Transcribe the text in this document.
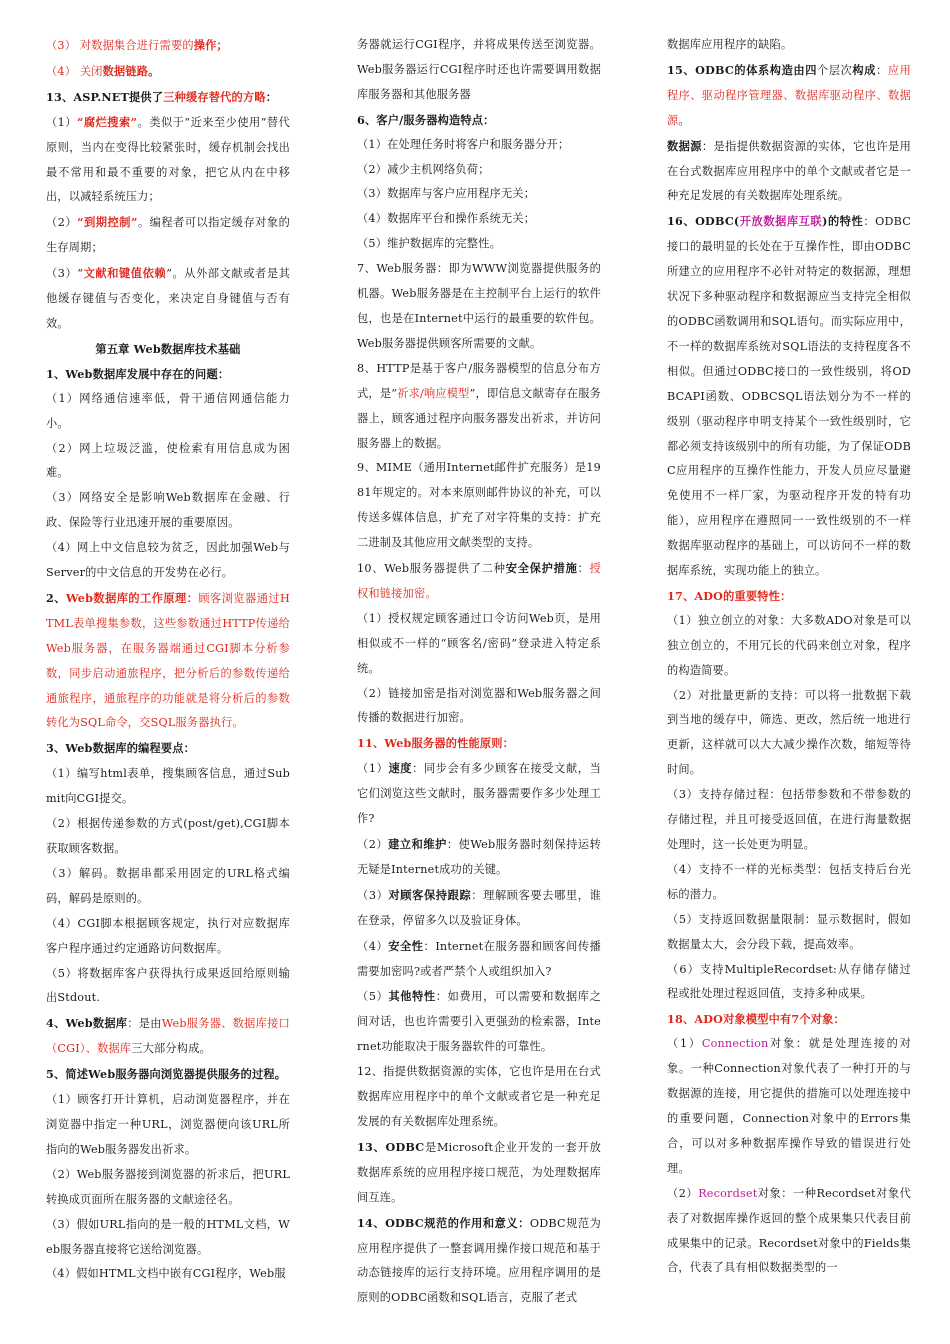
（3） 对数据集合进行需要的操作；

（4） 关闭数据链路。

13、ASP.NET提供了三种缓存替代的方略：

（1）“腐烂搜索”。类似于“近来至少使用”替代原则，当内在变得比较紧张时，缓存机制会找出最不常用和最不重要的对象，把它从内在中移出，以减轻系统压力；

（2）“到期控制”。编程者可以指定缓存对象的生存周期；

（3）“文献和键值依赖”。从外部文献或者是其他缓存键值与否变化，来决定自身键值与否有效。

第五章 Web数据库技术基础

1、Web数据库发展中存在的问题：

（1）网络通信速率低，骨干通信网通信能力小。

（2）网上垃圾泛滥，使检索有用信息成为困难。

（3）网络安全是影响Web数据库在金融、行政、保险等行业迅速开展的重要原因。

（4）网上中文信息较为贫乏，因此加强Web与Server的中文信息的开发势在必行。

2、Web数据库的工作原理：顾客浏览器通过HTML表单搜集参数，这些参数通过HTTP传递给Web服务器，在服务器端通过CGI脚本分析参数，同步启动通旅程序，把分析后的参数传递给通旅程序，通旅程序的功能就是将分析后的参数转化为SQL命令，交SQL服务器执行。

3、Web数据库的编程要点：

（1）编写html表单，搜集顾客信息，通过Submit向CGI提交。

（2）根据传递参数的方式(post/get),CGI脚本获取顾客数据。

（3）解码。数据串都采用固定的URL格式编码，解码是原则的。

（4）CGI脚本根据顾客规定，执行对应数据库客户程序通过约定通路访问数据库。

（5）将数据库客户获得执行成果返回给原则输出Stdout.

4、Web数据库：是由Web服务器、数据库接口（CGI）、数据库三大部分构成。

5、简述Web服务器向浏览器提供服务的过程。

（1）顾客打开计算机，启动浏览器程序，并在浏览器中指定一种URL，浏览器便向该URL所指向的Web服务器发出祈求。

（2）Web服务器接到浏览器的祈求后，把URL转换成页面所在服务器的文献途径名。

（3）假如URL指向的是一般的HTML文档，Web服务器直接将它送给浏览器。

（4）假如HTML文档中嵌有CGI程序，Web服

务器就运行CGI程序，并将成果传送至浏览器。Web服务器运行CGI程序时还也许需要调用数据库服务器和其他服务器

6、客户/服务器构造特点：

（1）在处理任务时将客户和服务器分开；

（2）减少主机网络负荷；

（3）数据库与客户应用程序无关；

（4）数据库平台和操作系统无关；

（5）维护数据库的完整性。

7、Web服务器：即为WWW浏览器提供服务的机器。Web服务器是在主控制平台上运行的软件包，也是在Internet中运行的最重要的软件包。Web服务器提供顾客所需要的文献。

8、HTTP是基于客户/服务器模型的信息分布方式，是“祈求/响应模型”，即信息文献寄存在服务器上，顾客通过程序向服务器发出祈求，并访问服务器上的数据。

9、MIME（通用Internet邮件扩充服务）是1981年规定的。对本来原则邮件协议的补充，可以传送多媒体信息，扩充了对字符集的支持：扩充二进制及其他应用文献类型的支持。

10、Web服务器提供了二种安全保护措施：授权和链接加密。

（1）授权规定顾客通过口令访问Web页，是用相似或不一样的“顾客名/密码”登录进入特定系统。

（2）链接加密是指对浏览器和Web服务器之间传播的数据进行加密。

11、Web服务器的性能原则：

（1）速度：同步会有多少顾客在接受文献，当它们浏览这些文献时，服务器需要作多少处理工作?

（2）建立和维护：使Web服务器时刻保持运转无疑是Internet成功的关键。

（3）对顾客保持跟踪：理解顾客要去哪里，谁在登录，停留多久以及验证身体。

（4）安全性：Internet在服务器和顾客间传播需要加密吗?或者严禁个人或组织加入?

（5）其他特性：如费用，可以需要和数据库之间对话，也也许需要引入更强劲的检索器，Internet功能取决于服务器软件的可靠性。

12、指提供数据资源的实体，它也许是用在台式数据库应用程序中的单个文献或者它是一种充足发展的有关数据库处理系统。

13、ODBC是Microsoft企业开发的一套开放数据库系统的应用程序接口规范，为处理数据库间互连。

14、ODBC规范的作用和意义：ODBC规范为应用程序提供了一整套调用操作接口规范和基于动态链接库的运行支持环境。应用程序调用的是原则的ODBC函数和SQL语言，克服了老式

数据库应用程序的缺陷。

15、ODBC的体系构造由四个层次构成：应用程序、驱动程序管理器、数据库驱动程序、数据源。

数据源：是指提供数据资源的实体，它也许是用在台式数据库应用程序中的单个文献或者它是一种充足发展的有关数据库处理系统。

16、ODBC(开放数据库互联)的特性：ODBC接口的最明显的长处在于互操作性，即由ODBC所建立的应用程序不必针对特定的数据源，理想状况下多种驱动程序和数据源应当支持完全相似的ODBC函数调用和SQL语句。而实际应用中，不一样的数据库系统对SQL语法的支持程度各不相似。但通过ODBC接口的一致性级别，将ODBCAPI函数、ODBCSQL语法划分为不一样的级别（驱动程序申明支持某个一致性级别时，它都必须支持该级别中的所有功能，为了保证ODBC应用程序的互操作性能力，开发人员应尽量避免使用不一样厂家，为驱动程序开发的特有功能），应用程序在遵照同一一致性级别的不一样数据库驱动程序的基础上，可以访问不一样的数据库系统，实现功能上的独立。

17、ADO的重要特性：

（1）独立创立的对象：大多数ADO对象是可以独立创立的，不用冗长的代码来创立对象，程序的构造简要。

（2）对批量更新的支持：可以将一批数据下载到当地的缓存中，筛选、更改，然后统一地进行更新，这样就可以大大减少操作次数，缩短等待时间。

（3）支持存储过程：包括带参数和不带参数的存储过程，并且可接受返回值，在进行海量数据处理时，这一长处更为明显。

（4）支持不一样的光标类型：包括支持后台光标的潜力。

（5）支持返回数据量限制：显示数据时，假如数据量太大，会分段下载，提高效率。

（6）支持MultipleRecordset:从存储存储过程或批处理过程返回值，支持多种成果。

18、ADO对象模型中有7个对象：

（1）Connection对象：就是处理连接的对象。一种Connection对象代表了一种打开的与数据源的连接，用它提供的措施可以处理连接中的重要问题，Connection对象中的Errors集合，可以对多种数据库操作导致的错误进行处理。

（2）Recordset对象：一种Recordset对象代表了对数据库操作返回的整个成果集只代表目前成果集中的记录。Recordset对象中的Fields集合，代表了具有相似数据类型的一
